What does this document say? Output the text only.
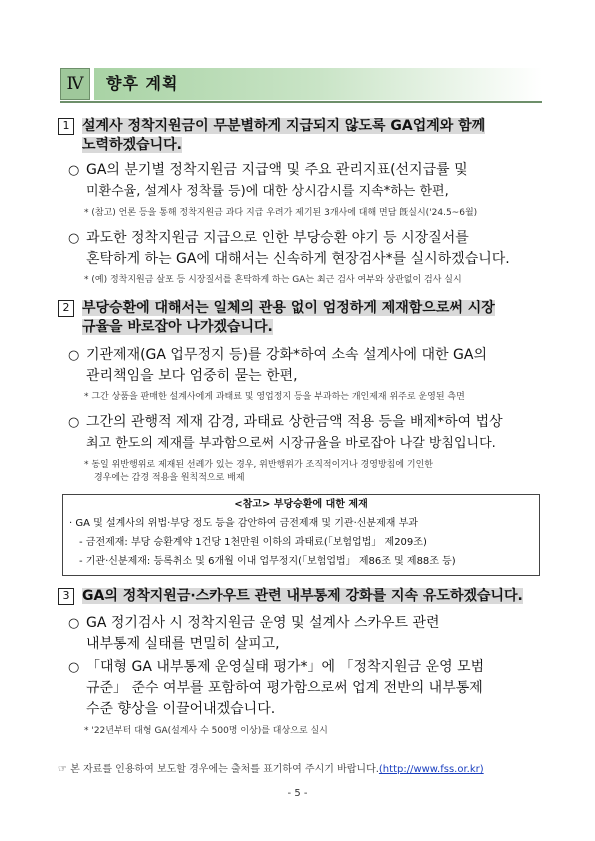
Ⅳ	향후 계획
1 설계사 정착지원금이 무분별하게 지급되지 않도록 GA업계와 함께
노력하겠습니다.
○ GA의 분기별 정착지원금 지급액 및 주요 관리지표(선지급률 및
미환수율, 설계사 정착률 등)에 대한 상시감시를 지속*하는 한편,
* (참고) 언론 등을 통해 정착지원금 과다 지급 우려가 제기된 3개사에 대해 면담 旣실시('24.5~6월)
○ 과도한 정착지원금 지급으로 인한 부당승환 야기 등 시장질서를
혼탁하게 하는 GA에 대해서는 신속하게 현장검사*를 실시하겠습니다.
* (예) 정착지원금 살포 등 시장질서를 혼탁하게 하는 GA는 최근 검사 여부와 상관없이 검사 실시
2 부당승환에 대해서는 일체의 관용 없이 엄정하게 제재함으로써 시장
규율을 바로잡아 나가겠습니다.
○ 기관제재(GA 업무정지 등)를 강화*하여 소속 설계사에 대한 GA의
관리책임을 보다 엄중히 묻는 한편,
* 그간 상품을 판매한 설계사에게 과태료 및 영업정지 등을 부과하는 개인제재 위주로 운영된 측면
○ 그간의 관행적 제재 감경, 과태료 상한금액 적용 등을 배제*하여 법상
최고 한도의 제재를 부과함으로써 시장규율을 바로잡아 나갈 방침입니다.
* 동일 위반행위로 제재된 선례가 있는 경우, 위반행위가 조직적이거나 경영방침에 기인한
경우에는 감경 적용을 원칙적으로 배제
<참고> 부당승환에 대한 제재
· GA 및 설계사의 위법·부당 정도 등을 감안하여 금전제재 및 기관·신분제재 부과
- 금전제재: 부당 승환계약 1건당 1천만원 이하의 과태료(「보험업법」 제209조)
- 기관·신분제재: 등록취소 및 6개월 이내 업무정지(「보험업법」 제86조 및 제88조 등)
3 GA의 정착지원금·스카우트 관련 내부통제 강화를 지속 유도하겠습니다.
○ GA 정기검사 시 정착지원금 운영 및 설계사 스카우트 관련
내부통제 실태를 면밀히 살피고,
○ 「대형 GA 내부통제 운영실태 평가*」에 「정착지원금 운영 모범
규준」 준수 여부를 포함하여 평가함으로써 업계 전반의 내부통제
수준 향상을 이끌어내겠습니다.
* '22년부터 대형 GA(설계사 수 500명 이상)를 대상으로 실시
☞ 본 자료를 인용하여 보도할 경우에는 출처를 표기하여 주시기 바랍니다.(http://www.fss.or.kr)
- 5 -
